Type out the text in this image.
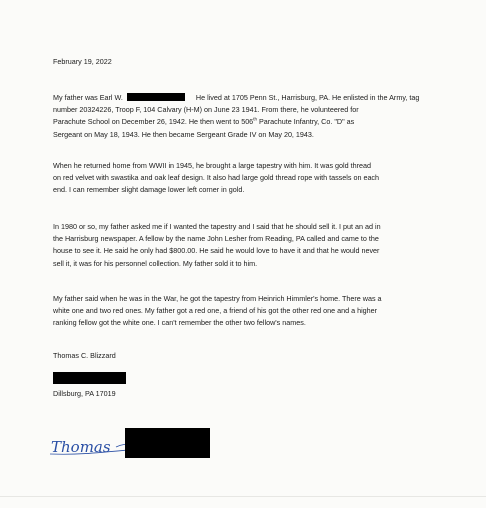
February 19, 2022
My father was Earl W.	He lived at 1705 Penn St., Harrisburg, PA. He enlisted in the Army, tag
number 20324226, Troop F, 104 Calvary (H-M) on June 23 1941. From there, he volunteered for
Parachute School on December 26, 1942. He then went to 506th Parachute Infantry, Co. "D" as
Sergeant on May 18, 1943. He then became Sergeant Grade IV on May 20, 1943.
When he returned home from WWII in 1945, he brought a large tapestry with him. It was gold thread
on red velvet with swastika and oak leaf design. It also had large gold thread rope with tassels on each
end. I can remember slight damage lower left corner in gold.
In 1980 or so, my father asked me if I wanted the tapestry and I said that he should sell it. I put an ad in
the Harrisburg newspaper. A fellow by the name John Lesher from Reading, PA called and came to the
house to see it. He said he only had $800.00. He said he would love to have it and that he would never
sell it, it was for his personnel collection. My father sold it to him.
My father said when he was in the War, he got the tapestry from Heinrich Himmler's home. There was a
white one and two red ones. My father got a red one, a friend of his got the other red one and a higher
ranking fellow got the white one. I can't remember the other two fellow's names.
Thomas C. Blizzard
Dillsburg, PA 17019
Thomas
